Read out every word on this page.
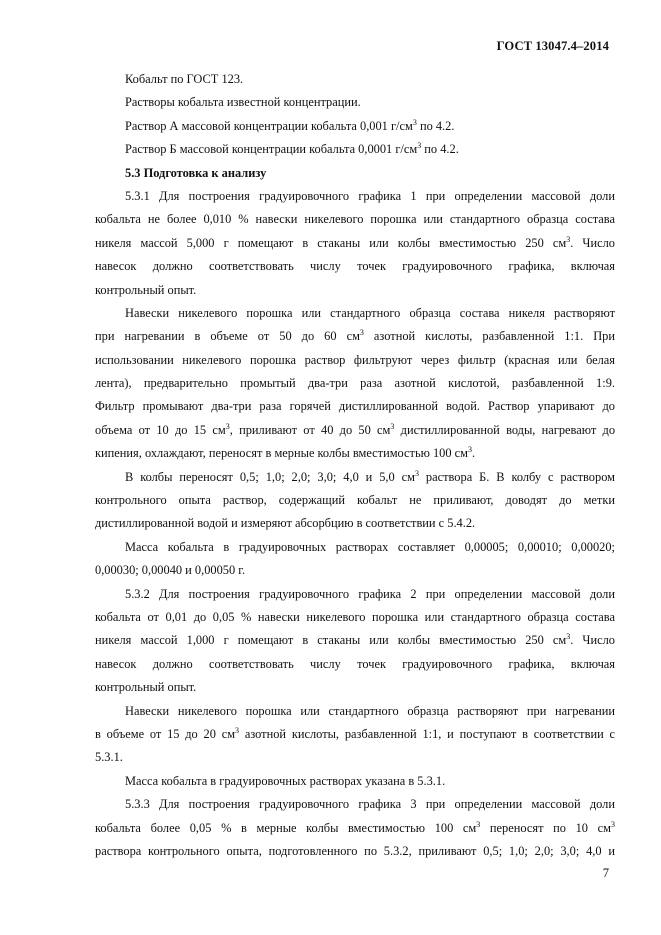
ГОСТ 13047.4–2014
Кобальт по ГОСТ 123.
Растворы кобальта известной концентрации.
Раствор А массовой концентрации кобальта 0,001 $г/см^3$ по 4.2.
Раствор Б массовой концентрации кобальта 0,0001 $г/см^3$ по 4.2.
5.3 Подготовка к анализу
5.3.1 Для построения градуировочного графика 1 при определении массовой доли
кобальта не более 0,010 % навески никелевого порошка или стандартного образца состава
никеля массой 5,000 г помещают в стаканы или колбы вместимостью 250 $см^3$. Число
навесок должно соответствовать числу точек градуировочного графика, включая
контрольный опыт.
Навески никелевого порошка или стандартного образца состава никеля растворяют
при нагревании в объеме от 50 до 60 $см^3$ азотной кислоты, разбавленной 1:1. При
использовании никелевого порошка раствор фильтруют через фильтр (красная или белая
лента), предварительно промытый два-три раза азотной кислотой, разбавленной 1:9.
Фильтр промывают два-три раза горячей дистиллированной водой. Раствор упаривают до
объема от 10 до 15 $см^3$, приливают от 40 до 50 $см^3$ дистиллированной воды, нагревают до
кипения, охлаждают, переносят в мерные колбы вместимостью 100 $см^3$.
В колбы переносят 0,5; 1,0; 2,0; 3,0; 4,0 и 5,0 $см^3$ раствора Б. В колбу с раствором
контрольного опыта раствор, содержащий кобальт не приливают, доводят до метки
дистиллированной водой и измеряют абсорбцию в соответствии с 5.4.2.
Масса кобальта в градуировочных растворах составляет 0,00005; 0,00010; 0,00020;
0,00030; 0,00040 и 0,00050 г.
5.3.2 Для построения градуировочного графика 2 при определении массовой доли
кобальта от 0,01 до 0,05 % навески никелевого порошка или стандартного образца состава
никеля массой 1,000 г помещают в стаканы или колбы вместимостью 250 $см^3$. Число
навесок должно соответствовать числу точек градуировочного графика, включая
контрольный опыт.
Навески никелевого порошка или стандартного образца растворяют при нагревании
в объеме от 15 до 20 $см^3$ азотной кислоты, разбавленной 1:1, и поступают в соответствии с
5.3.1.
Масса кобальта в градуировочных растворах указана в 5.3.1.
5.3.3 Для построения градуировочного графика 3 при определении массовой доли
кобальта более 0,05 % в мерные колбы вместимостью 100 $см^3$ переносят по 10 $см^3$
раствора контрольного опыта, подготовленного по 5.3.2, приливают 0,5; 1,0; 2,0; 3,0; 4,0 и
7
